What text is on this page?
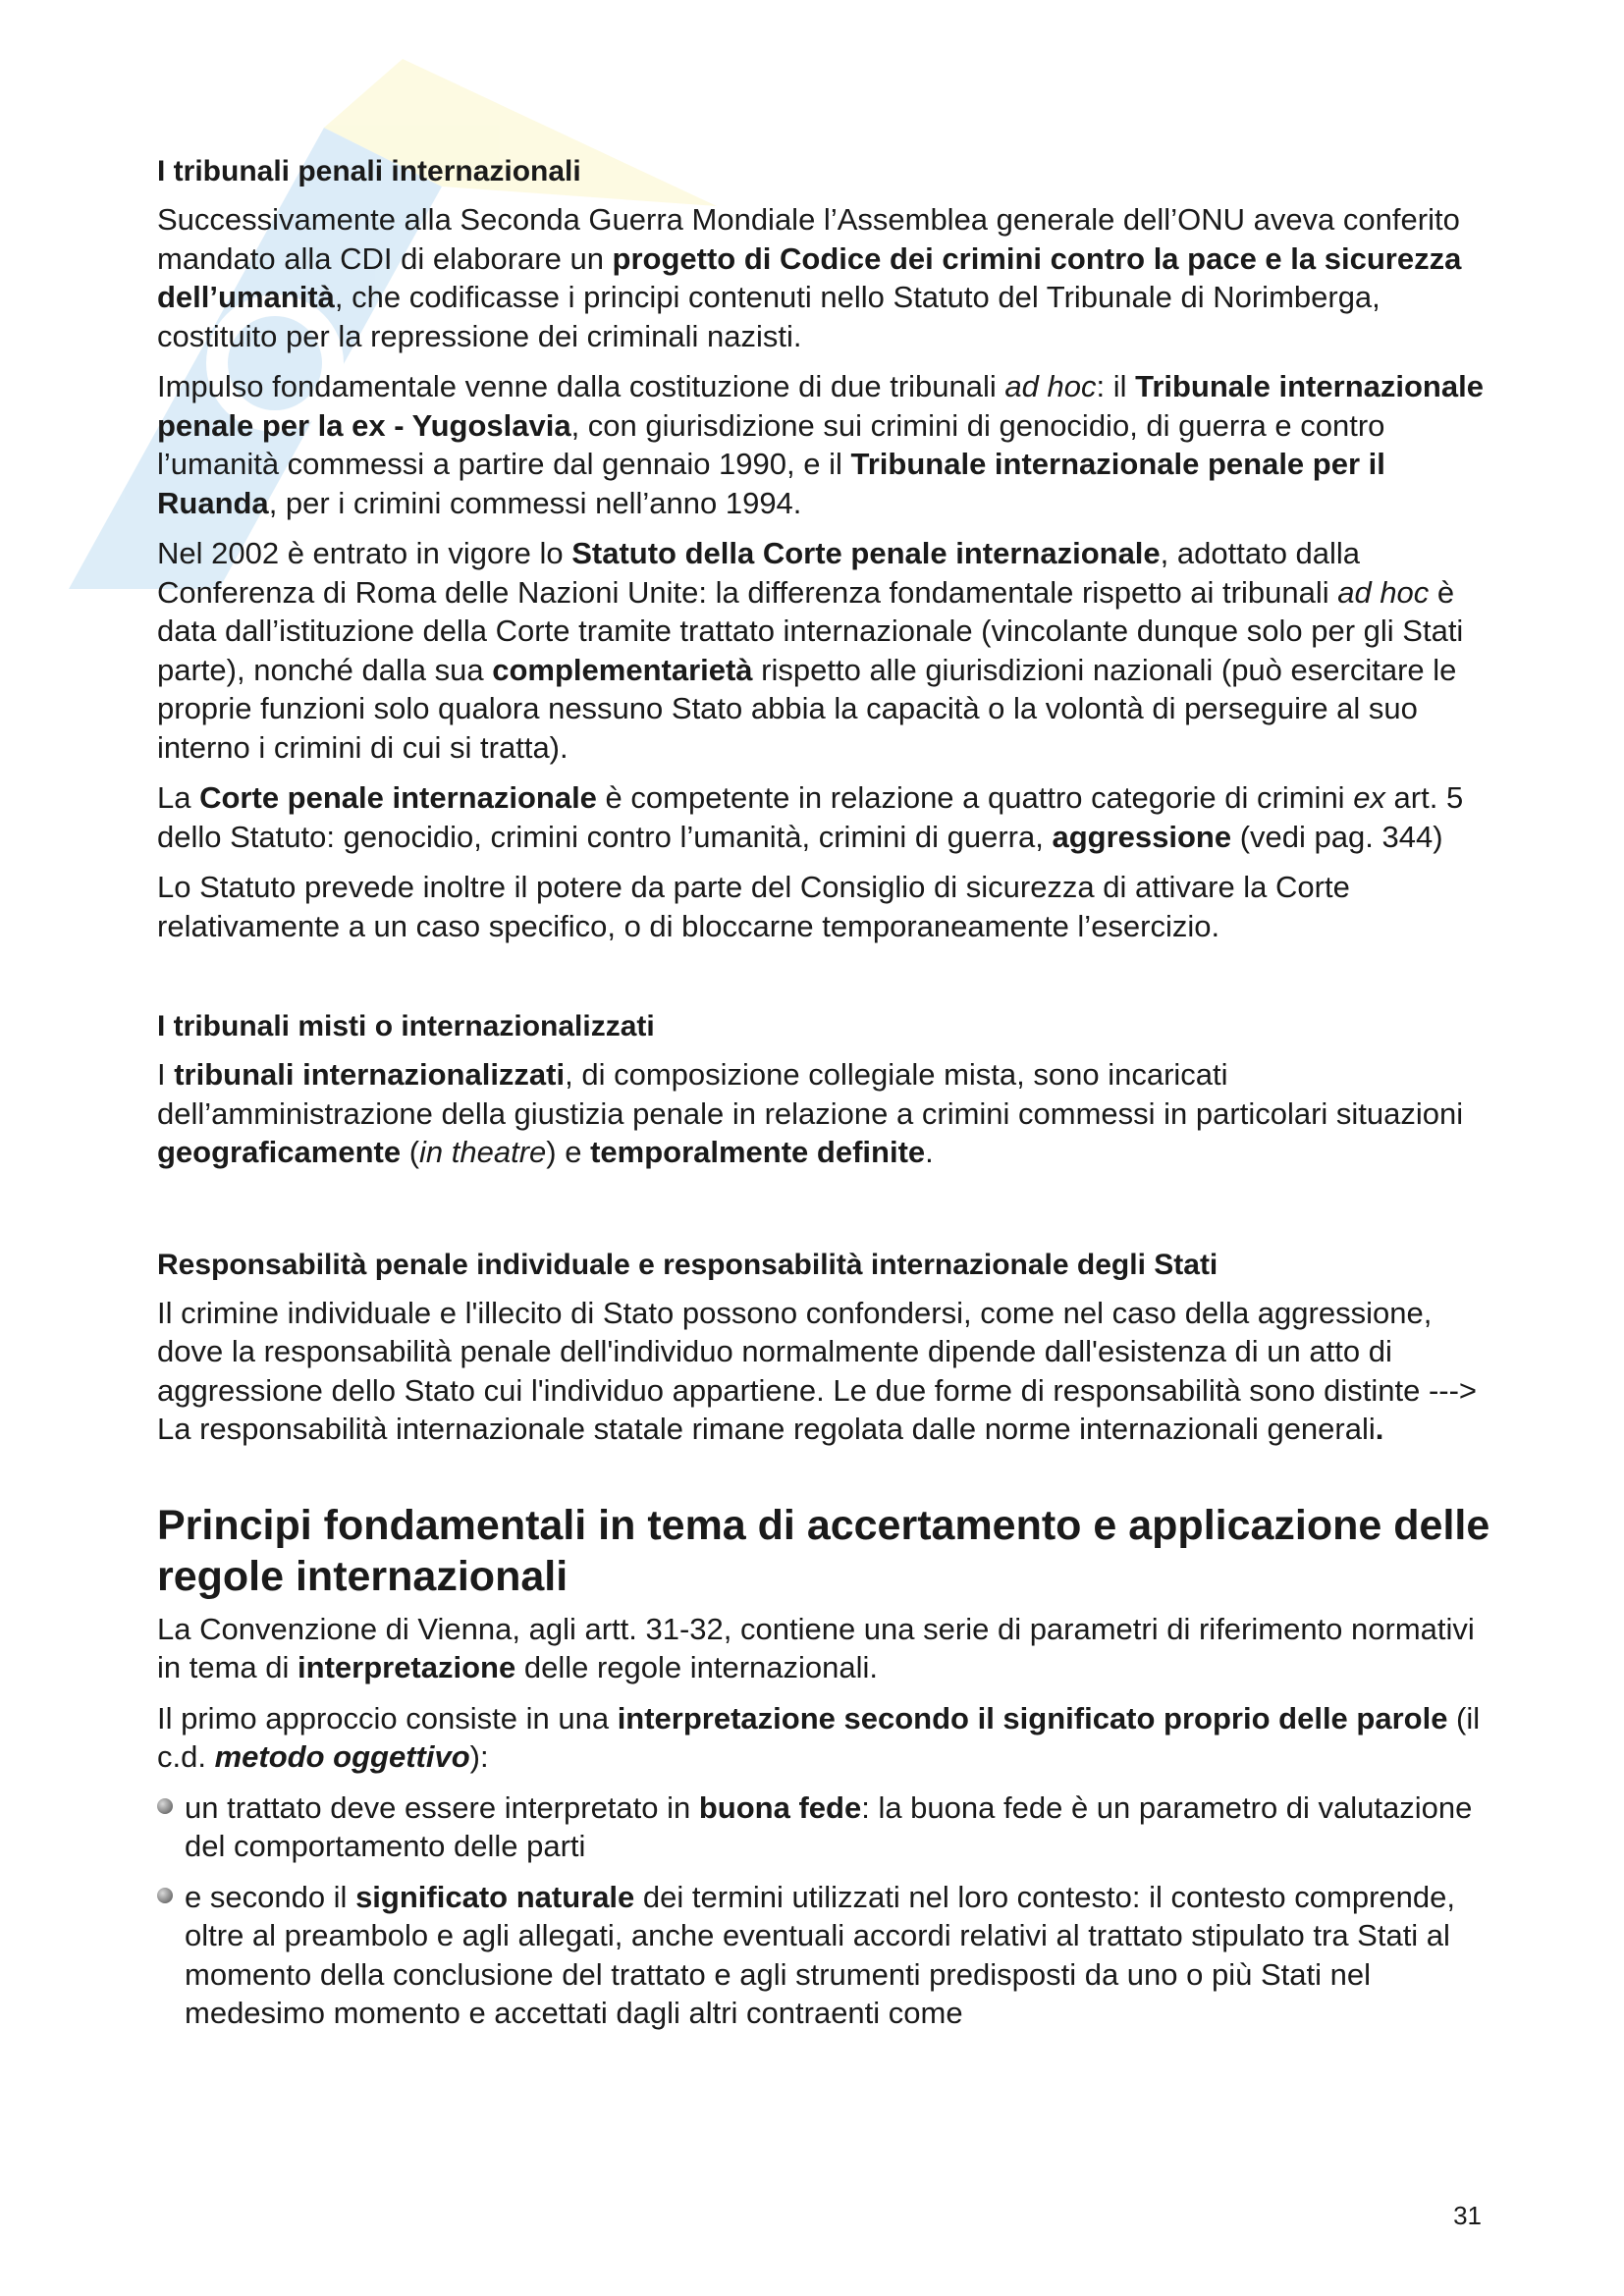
I tribunali penali internazionali

Successivamente alla Seconda Guerra Mondiale l’Assemblea generale dell’ONU aveva conferito mandato alla CDI di elaborare un progetto di Codice dei crimini contro la pace e la sicurezza dell’umanità, che codificasse i principi contenuti nello Statuto del Tribunale di Norimberga, costituito per la repressione dei criminali nazisti.

Impulso fondamentale venne dalla costituzione di due tribunali ad hoc: il Tribunale internazionale penale per la ex - Yugoslavia, con giurisdizione sui crimini di genocidio, di guerra e contro l’umanità commessi a partire dal gennaio 1990, e il Tribunale internazionale penale per il Ruanda, per i crimini commessi nell’anno 1994.

Nel 2002 è entrato in vigore lo Statuto della Corte penale internazionale, adottato dalla Conferenza di Roma delle Nazioni Unite: la differenza fondamentale rispetto ai tribunali ad hoc è data dall’istituzione della Corte tramite trattato internazionale (vincolante dunque solo per gli Stati parte), nonché dalla sua complementarietà rispetto alle giurisdizioni nazionali (può esercitare le proprie funzioni solo qualora nessuno Stato abbia la capacità o la volontà di perseguire al suo interno i crimini di cui si tratta).

La Corte penale internazionale è competente in relazione a quattro categorie di crimini ex art. 5 dello Statuto: genocidio, crimini contro l’umanità, crimini di guerra, aggressione (vedi pag. 344)

Lo Statuto prevede inoltre il potere da parte del Consiglio di sicurezza di attivare la Corte relativamente a un caso specifico, o di bloccarne temporaneamente l’esercizio.

I tribunali misti o internazionalizzati

I tribunali internazionalizzati, di composizione collegiale mista, sono incaricati dell’amministrazione della giustizia penale in relazione a crimini commessi in particolari situazioni geograficamente (in theatre) e temporalmente definite.

Responsabilità penale individuale e responsabilità internazionale degli Stati

Il crimine individuale e l'illecito di Stato possono confondersi, come nel caso della aggressione, dove la responsabilità penale dell'individuo normalmente dipende dall'esistenza di un atto di aggressione dello Stato cui l'individuo appartiene. Le due forme di responsabilità sono distinte ---> La responsabilità internazionale statale rimane regolata dalle norme internazionali generali.

Principi fondamentali in tema di accertamento e applicazione delle regole internazionali

La Convenzione di Vienna, agli artt. 31-32, contiene una serie di parametri di riferimento normativi in tema di interpretazione delle regole internazionali.

Il primo approccio consiste in una interpretazione secondo il significato proprio delle parole (il c.d. metodo oggettivo):

un trattato deve essere interpretato in buona fede: la buona fede è un parametro di valutazione del comportamento delle parti
e secondo il significato naturale dei termini utilizzati nel loro contesto: il contesto comprende, oltre al preambolo e agli allegati, anche eventuali accordi relativi al trattato stipulato tra Stati al momento della conclusione del trattato e agli strumenti predisposti da uno o più Stati nel medesimo momento e accettati dagli altri contraenti come
31
